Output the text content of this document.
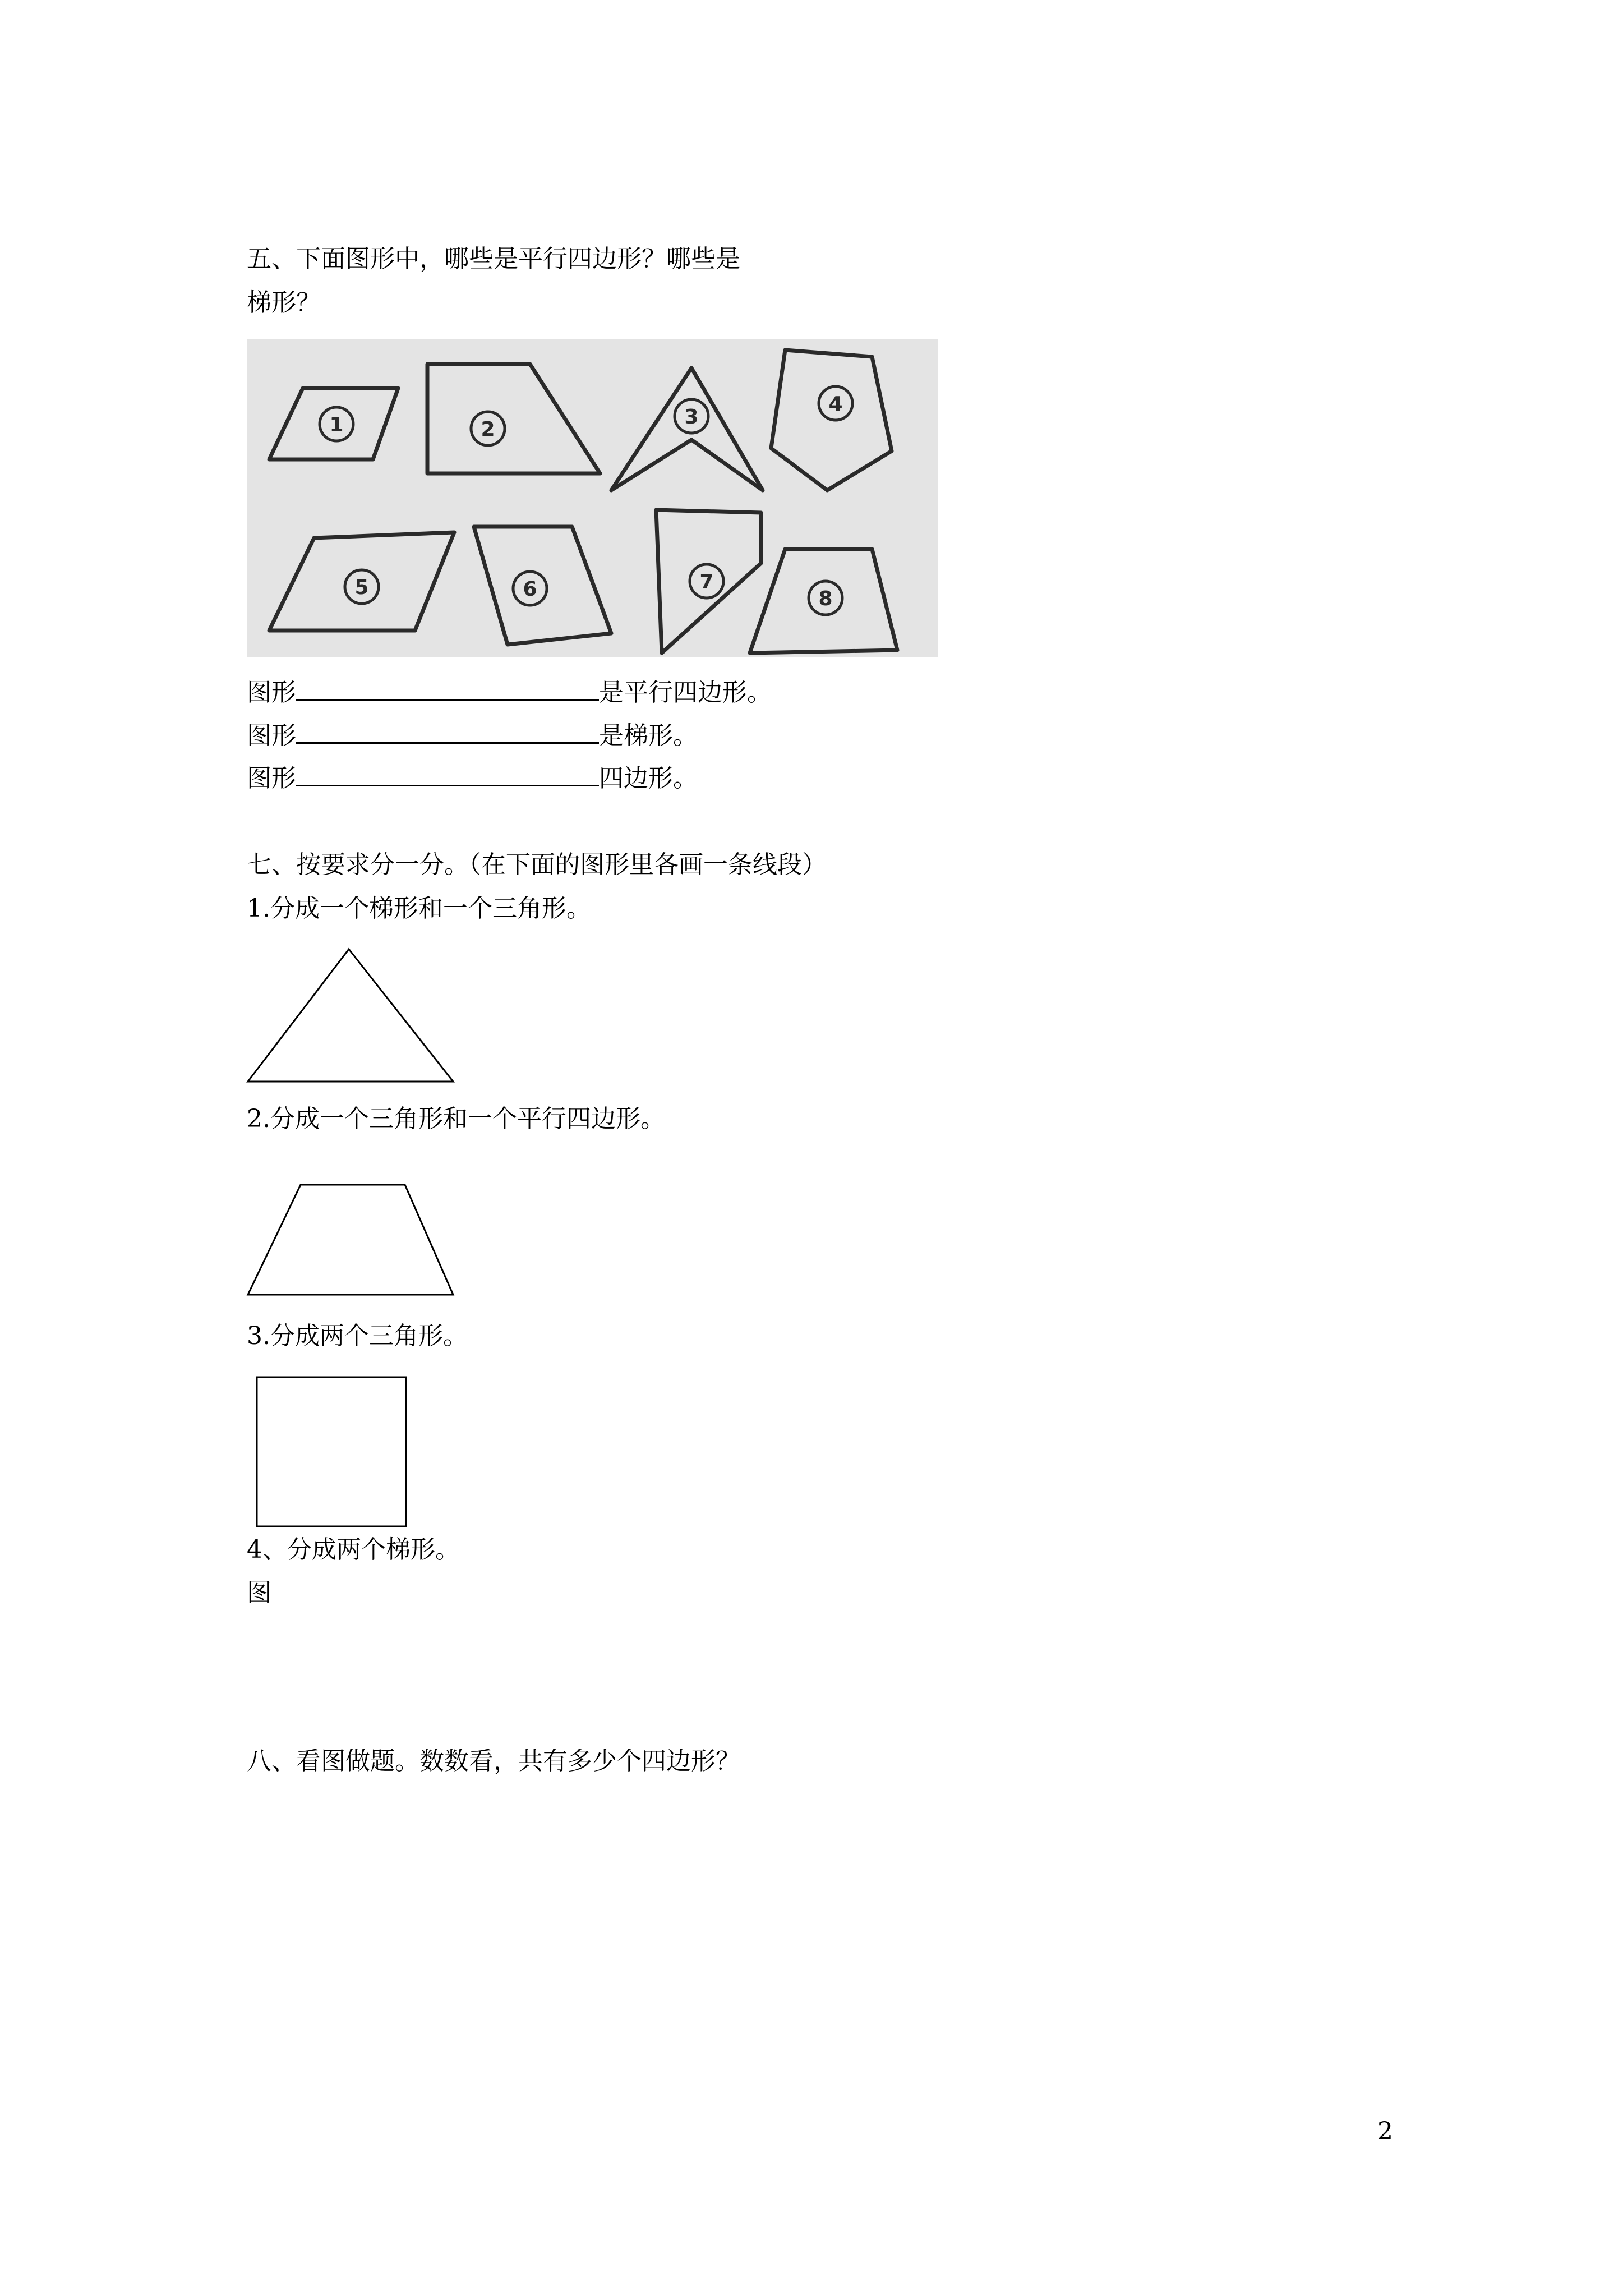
五、下面图形中，哪些是平行四边形？哪些是
梯形？
1	2
3
4
5	6	7
8
图形	是平行四边形。
图形	是梯形。
图形	四边形。
七、按要求分一分。（在下面的图形里各画一条线段）
1.分成一个梯形和一个三角形。
2.分成一个三角形和一个平行四边形。
3.分成两个三角形。
4、分成两个梯形。
图
八、看图做题。数数看，共有多少个四边形？
2
